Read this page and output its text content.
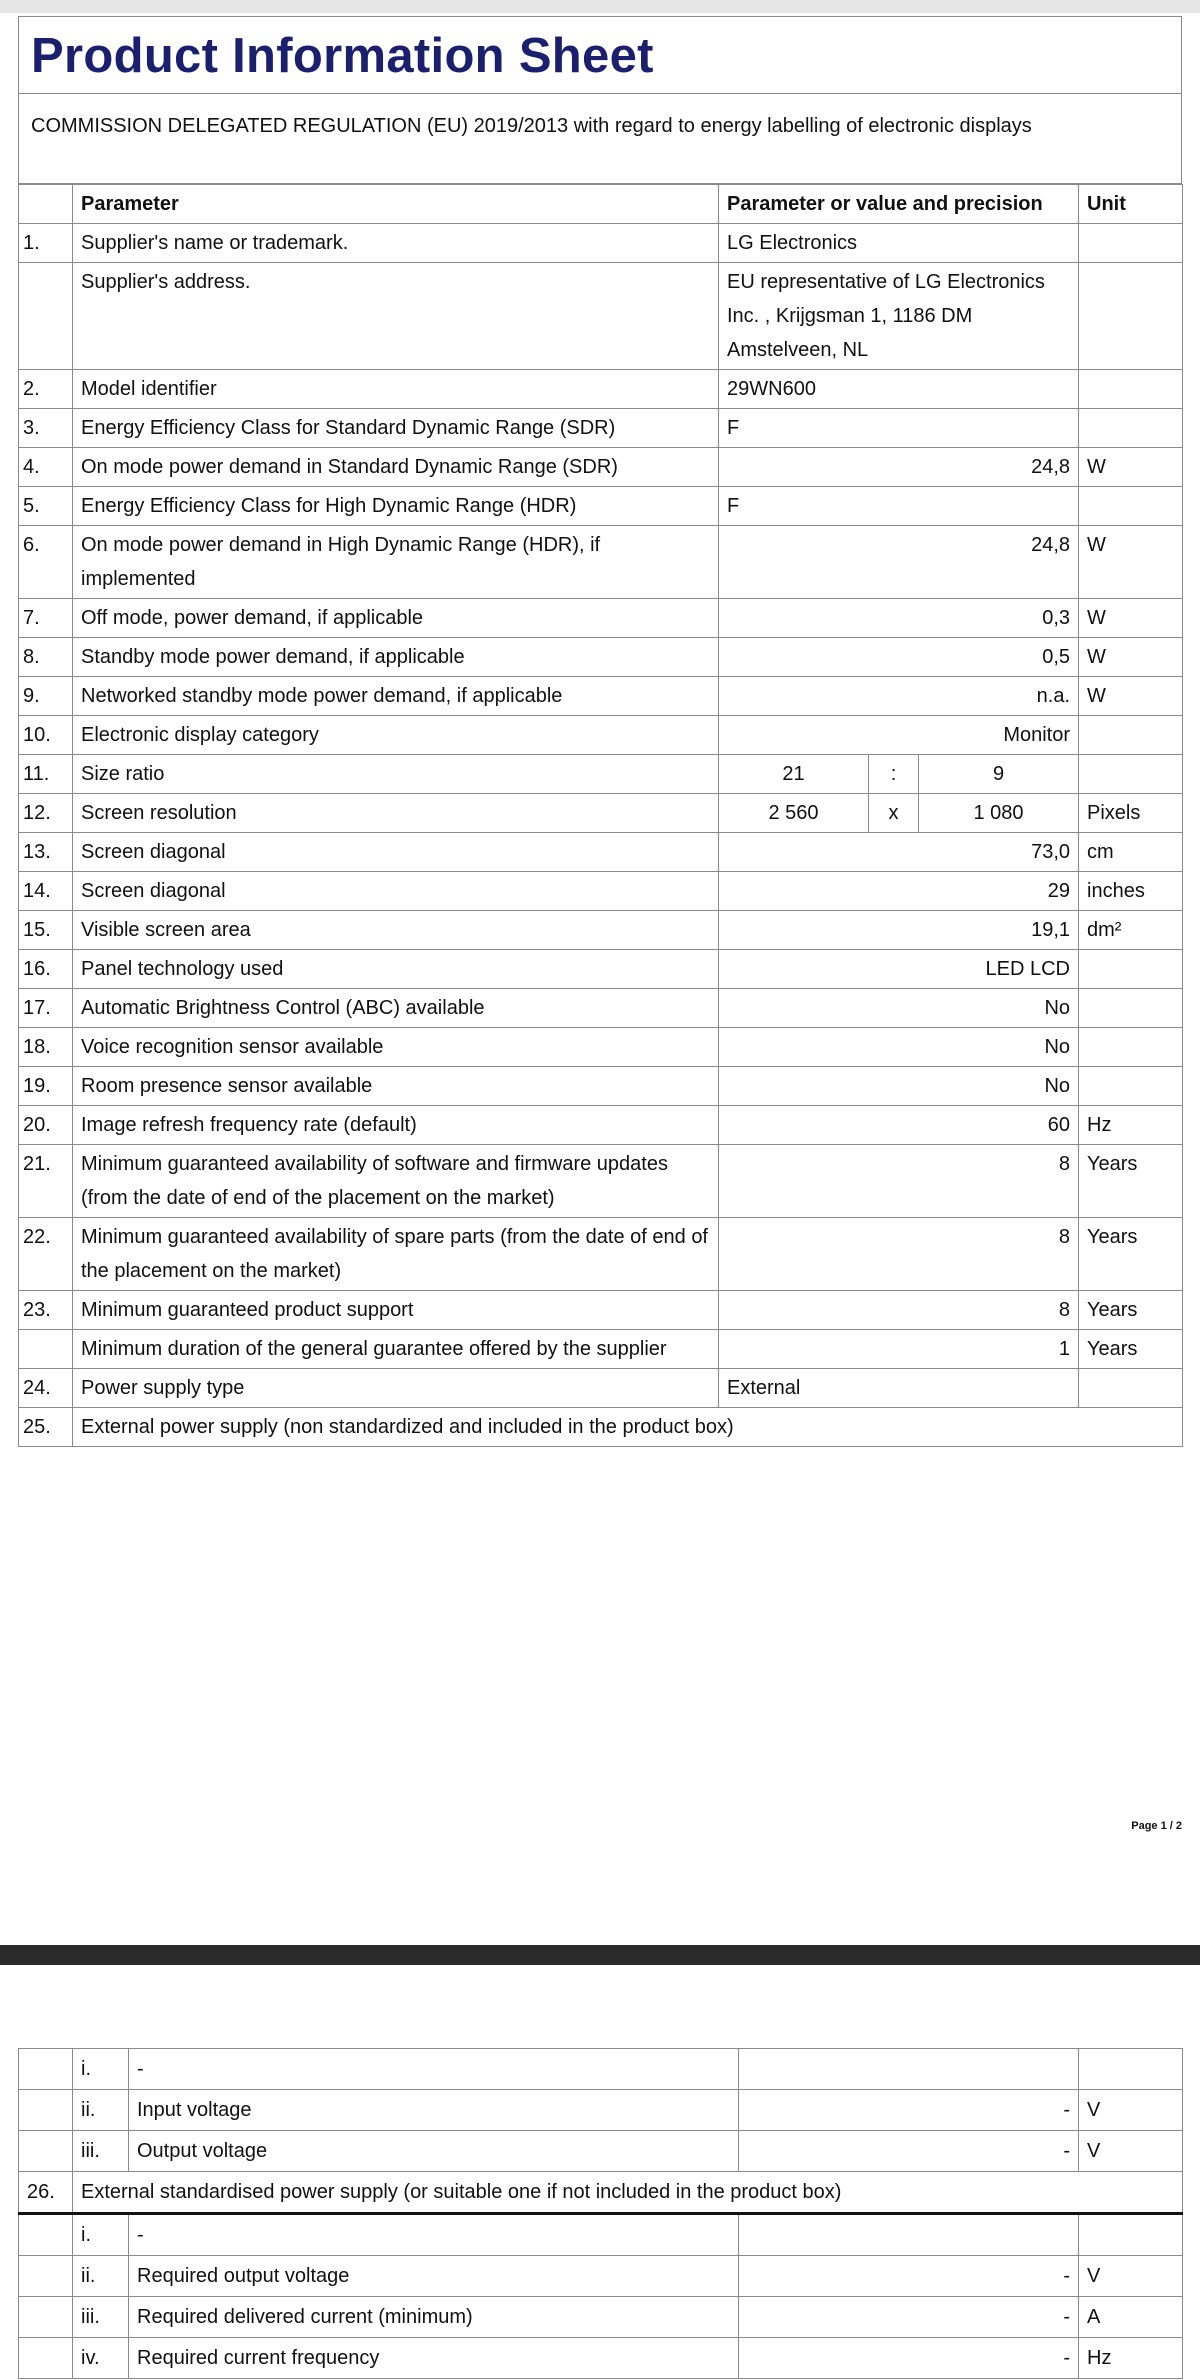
Product Information Sheet
COMMISSION DELEGATED REGULATION (EU) 2019/2013 with regard to energy labelling of electronic displays
	Parameter	Parameter or value and precision			Unit
1.	Supplier's name or trademark.	LG Electronics			
	Supplier's address.	EU representative of LG Electronics Inc. , Krijgsman 1, 1186 DM Amstelveen, NL			
2.	Model identifier	29WN600			
3.	Energy Efficiency Class for Standard Dynamic Range (SDR)	F			
4.	On mode power demand in Standard Dynamic Range (SDR)	24,8			W
5.	Energy Efficiency Class for High Dynamic Range (HDR)	F			
6.	On mode power demand in High Dynamic Range (HDR), if implemented	24,8			W
7.	Off mode, power demand, if applicable	0,3			W
8.	Standby mode power demand, if applicable	0,5			W
9.	Networked standby mode power demand, if applicable	n.a.			W
10.	Electronic display category	Monitor			
11.	Size ratio	21	:	9	
12.	Screen resolution	2 560	x	1 080	Pixels
13.	Screen diagonal	73,0			cm
14.	Screen diagonal	29			inches
15.	Visible screen area	19,1			dm²
16.	Panel technology used	LED LCD			
17.	Automatic Brightness Control (ABC) available	No			
18.	Voice recognition sensor available	No			
19.	Room presence sensor available	No			
20.	Image refresh frequency rate (default)	60			Hz
21.	Minimum guaranteed availability of software and firmware updates (from the date of end of the placement on the market)	8			Years
22.	Minimum guaranteed availability of spare parts (from the date of end of the placement on the market)	8			Years
23.	Minimum guaranteed product support	8			Years
	Minimum duration of the general guarantee offered by the supplier	1			Years
24.	Power supply type	External			
25.	External power supply (non standardized and included in the product box)				
Page 1 / 2
	i.	-		
	ii.	Input voltage	-	V
	iii.	Output voltage	-	V
26.	External standardised power supply (or suitable one if not included in the product box)			
	i.	-		
	ii.	Required output voltage	-	V
	iii.	Required delivered current (minimum)	-	A
	iv.	Required current frequency	-	Hz
